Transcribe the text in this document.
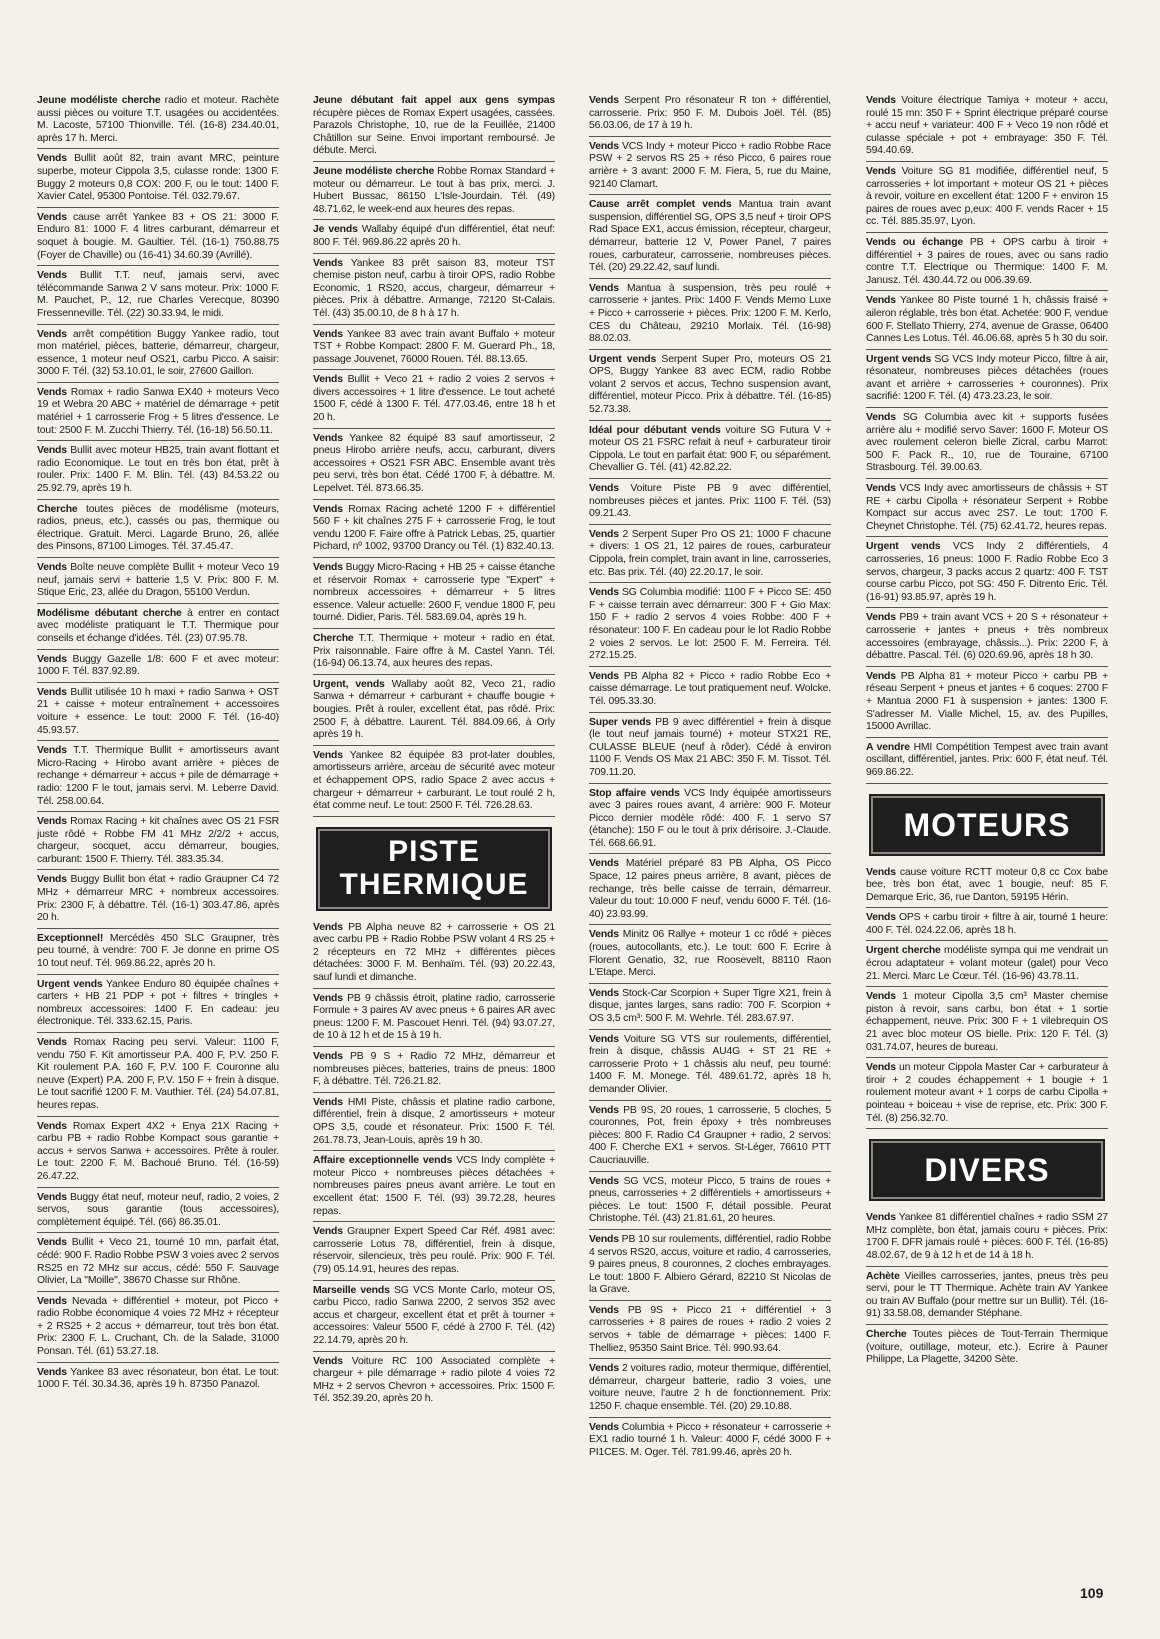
Jeune modéliste cherche radio et moteur. Rachète aussi pièces ou voiture T.T. usagées ou accidentées. M. Lacoste, 57100 Thionville. Tél. (16-8) 234.40.01, après 17 h. Merci.
Vends Bullit août 82, train avant MRC, peinture superbe, moteur Cippola 3,5, culasse ronde: 1300 F. Buggy 2 moteurs 0,8 COX: 200 F, ou le tout: 1400 F. Xavier Catel, 95300 Pontoise. Tél. 032.79.67.
Vends cause arrêt Yankee 83 + OS 21: 3000 F. Enduro 81: 1000 F. 4 litres carburant, démarreur et soquet à bougie. M. Gaultier. Tél. (16-1) 750.88.75 (Foyer de Chaville) ou (16-41) 34.60.39 (Avrillé).
Vends Bullit T.T. neuf, jamais servi, avec télécommande Sanwa 2 V sans moteur. Prix: 1000 F. M. Pauchet, P., 12, rue Charles Verecque, 80390 Fressenneville. Tél. (22) 30.33.94, le midi.
Vends arrêt compétition Buggy Yankee radio, tout mon matériel, pièces, batterie, démarreur, chargeur, essence, 1 moteur neuf OS21, carbu Picco. A saisir: 3000 F. Tél. (32) 53.10.01, le soir, 27600 Gaillon.
Vends Romax + radio Sanwa EX40 + moteurs Veco 19 et Webra 20 ABC + matériel de démarrage + petit matériel + 1 carrosserie Frog + 5 litres d'essence. Le tout: 2500 F. M. Zucchi Thierry. Tél. (16-18) 56.50.11.
Vends Bullit avec moteur HB25, train avant flottant et radio Economique. Le tout en très bon état, prêt à rouler. Prix: 1400 F. M. Blin. Tél. (43) 84.53.22 ou 25.92.79, après 19 h.
Cherche toutes pièces de modélisme (moteurs, radios, pneus, etc.), cassés ou pas, thermique ou électrique. Gratuit. Merci. Lagarde Bruno, 26, allée des Pinsons, 87100 Limoges. Tél. 37.45.47.
Vends Boîte neuve complète Bullit + moteur Veco 19 neuf, jamais servi + batterie 1,5 V. Prix: 800 F. M. Stique Eric, 23, allée du Dragon, 55100 Verdun.
Modélisme débutant cherche à entrer en contact avec modéliste pratiquant le T.T. Thermique pour conseils et échange d'idées. Tél. (23) 07.95.78.
Vends Buggy Gazelle 1/8: 600 F et avec moteur: 1000 F. Tél. 837.92.89.
Vends Bullit utilisée 10 h maxi + radio Sanwa + OST 21 + caisse + moteur entraînement + accessoires voiture + essence. Le tout: 2000 F. Tél. (16-40) 45.93.57.
Vends T.T. Thermique Bullit + amortisseurs avant Micro-Racing + Hirobo avant arrière + pièces de rechange + démarreur + accus + pile de démarrage + radio: 1200 F le tout, jamais servi. M. Leberre David. Tél. 258.00.64.
Vends Romax Racing + kit chaînes avec OS 21 FSR juste rôdé + Robbe FM 41 MHz 2/2/2 + accus, chargeur, socquet, accu démarreur, bougies, carburant: 1500 F. Thierry. Tél. 383.35.34.
Vends Buggy Bullit bon état + radio Graupner C4 72 MHz + démarreur MRC + nombreux accessoires. Prix: 2300 F, à débattre. Tél. (16-1) 303.47.86, après 20 h.
Exceptionnel! Mercédès 450 SLC Graupner, très peu tourné, à vendre: 700 F. Je donne en prime OS 10 tout neuf. Tél. 969.86.22, après 20 h.
Urgent vends Yankee Enduro 80 équipée chaînes + carters + HB 21 PDP + pot + filtres + tringles + nombreux accessoires: 1400 F. En cadeau: jeu électronique. Tél. 333.62.15, Paris.
Vends Romax Racing peu servi. Valeur: 1100 F, vendu 750 F. Kit amortisseur P.A. 400 F, P.V. 250 F. Kit roulement P.A. 160 F, P.V. 100 F. Couronne alu neuve (Expert) P.A. 200 F, P.V. 150 F + frein à disque. Le tout sacrifié 1200 F. M. Vauthier. Tél. (24) 54.07.81, heures repas.
Vends Romax Expert 4X2 + Enya 21X Racing + carbu PB + radio Robbe Kompact sous garantie + accus + servos Sanwa + accessoires. Prête à rouler. Le tout: 2200 F. M. Bachoué Bruno. Tél. (16-59) 26.47.22.
Vends Buggy état neuf, moteur neuf, radio, 2 voies, 2 servos, sous garantie (tous accessoires), complètement équipé. Tél. (66) 86.35.01.
Vends Bullit + Veco 21, tourné 10 mn, parfait état, cédé: 900 F. Radio Robbe PSW 3 voies avec 2 servos RS25 en 72 MHz sur accus, cédé: 550 F. Sauvage Olivier, La "Moille", 38670 Chasse sur Rhône.
Vends Nevada + différentiel + moteur, pot Picco + radio Robbe économique 4 voies 72 MHz + récepteur + 2 RS25 + 2 accus + démarreur, tout très bon état. Prix: 2300 F. L. Cruchant, Ch. de la Salade, 31000 Ponsan. Tél. (61) 53.27.18.
Vends Yankee 83 avec résonateur, bon état. Le tout: 1000 F. Tél. 30.34.36, après 19 h. 87350 Panazol.
Jeune débutant fait appel aux gens sympas récupère pièces de Romax Expert usagées, cassées. Parazols Christophe, 10, rue de la Feuillée, 21400 Châtillon sur Seine. Envoi important remboursé. Je débute. Merci.
Jeune modéliste cherche Robbe Romax Standard + moteur ou démarreur. Le tout à bas prix, merci. J. Hubert Bussac, 86150 L'Isle-Jourdain. Tél. (49) 48.71.62, le week-end aux heures des repas.
Je vends Wallaby équipé d'un différentiel, état neuf: 800 F. Tél. 969.86.22 après 20 h.
Vends Yankee 83 prêt saison 83, moteur TST chemise piston neuf, carbu à tiroir OPS, radio Robbe Economic, 1 RS20, accus, chargeur, démarreur + pièces. Prix à débattre. Armange, 72120 St-Calais. Tél. (43) 35.00.10, de 8 h à 17 h.
Vends Yankee 83 avec train avant Buffalo + moteur TST + Robbe Kompact: 2800 F. M. Guerard Ph., 18, passage Jouvenet, 76000 Rouen. Tél. 88.13.65.
Vends Bullit + Veco 21 + radio 2 voies 2 servos + divers accessoires + 1 litre d'essence. Le tout acheté 1500 F, cédé à 1300 F. Tél. 477.03.46, entre 18 h et 20 h.
Vends Yankee 82 équipé 83 sauf amortisseur, 2 pneus Hirobo arrière neufs, accu, carburant, divers accessoires + OS21 FSR ABC. Ensemble avant très peu servi, très bon état. Cédé 1700 F, à débattre. M. Lepelvet. Tél. 873.66.35.
Vends Romax Racing acheté 1200 F + différentiel 560 F + kit chaînes 275 F + carrosserie Frog, le tout vendu 1200 F. Faire offre à Patrick Lebas, 25, quartier Pichard, nº 1002, 93700 Drancy ou Tél. (1) 832.40.13.
Vends Buggy Micro-Racing + HB 25 + caisse étanche et réservoir Romax + carrosserie type "Expert" + nombreux accessoires + démarreur + 5 litres essence. Valeur actuelle: 2600 F, vendue 1800 F, peu tourné. Didier, Paris. Tél. 583.69.04, après 19 h.
Cherche T.T. Thermique + moteur + radio en état. Prix raisonnable. Faire offre à M. Castel Yann. Tél. (16-94) 06.13.74, aux heures des repas.
Urgent, vends Wallaby août 82, Veco 21, radio Sanwa + démarreur + carburant + chauffe bougie + bougies. Prêt à rouler, excellent état, pas rôdé. Prix: 2500 F, à débattre. Laurent. Tél. 884.09.66, à Orly après 19 h.
Vends Yankee 82 équipée 83 prot-later doubles, amortisseurs arrière, arceau de sécurité avec moteur et échappement OPS, radio Space 2 avec accus + chargeur + démarreur + carburant. Le tout roulé 2 h, état comme neuf. Le tout: 2500 F. Tél. 726.28.63.
PISTE THERMIQUE
Vends PB Alpha neuve 82 + carrosserie + OS 21 avec carbu PB + Radio Robbe PSW volant 4 RS 25 + 2 récepteurs en 72 MHz + différentes pièces détachées: 3000 F. M. Benhaïm. Tél. (93) 20.22.43, sauf lundi et dimanche.
Vends PB 9 châssis étroit, platine radio, carrosserie Formule + 3 paires AV avec pneus + 6 paires AR avec pneus: 1200 F. M. Pascouet Henri. Tél. (94) 93.07.27, de 10 à 12 h et de 15 à 19 h.
Vends PB 9 S + Radio 72 MHz, démarreur et nombreuses pièces, batteries, trains de pneus: 1800 F, à débattre. Tél. 726.21.82.
Vends HMI Piste, châssis et platine radio carbone, différentiel, frein à disque, 2 amortisseurs + moteur OPS 3,5, coude et résonateur. Prix: 1500 F. Tél. 261.78.73, Jean-Louis, après 19 h 30.
Affaire exceptionnelle vends VCS Indy complète + moteur Picco + nombreuses pièces détachées + nombreuses paires pneus avant arrière. Le tout en excellent état: 1500 F. Tél. (93) 39.72.28, heures repas.
Vends Graupner Expert Speed Car Réf. 4981 avec: carrosserie Lotus 78, différentiel, frein à disque, réservoir, silencieux, très peu roulé. Prix: 900 F. Tél. (79) 05.14.91, heures des repas.
Marseille vends SG VCS Monte Carlo, moteur OS, carbu Picco, radio Sanwa 2200, 2 servos 352 avec accus et chargeur, excellent état et prêt à tourner + accessoires: Valeur 5500 F, cédé à 2700 F. Tél. (42) 22.14.79, après 20 h.
Vends Voiture RC 100 Associated complète + chargeur + pile démarrage + radio pilote 4 voies 72 MHz + 2 servos Chevron + accessoires. Prix: 1500 F. Tél. 352.39.20, après 20 h.
Vends Serpent Pro résonateur R ton + différentiel, carrosserie. Prix: 950 F. M. Dubois Joël. Tél. (85) 56.03.06, de 17 à 19 h.
Vends VCS Indy + moteur Picco + radio Robbe Race PSW + 2 servos RS 25 + réso Picco, 6 paires roue arrière + 3 avant: 2000 F. M. Fiera, 5, rue du Maine, 92140 Clamart.
Cause arrêt complet vends Mantua train avant suspension, différentiel SG, OPS 3,5 neuf + tiroir OPS Rad Space EX1, accus émission, récepteur, chargeur, démarreur, batterie 12 V, Power Panel, 7 paires roues, carburateur, carrosserie, nombreuses pièces. Tél. (20) 29.22.42, sauf lundi.
Vends Mantua à suspension, très peu roulé + carrosserie + jantes. Prix: 1400 F. Vends Memo Luxe + Picco + carrosserie + pièces. Prix: 1200 F. M. Kerlo, CES du Château, 29210 Morlaix. Tél. (16-98) 88.02.03.
Urgent vends Serpent Super Pro, moteurs OS 21 OPS, Buggy Yankee 83 avec ECM, radio Robbe volant 2 servos et accus, Techno suspension avant, différentiel, moteur Picco. Prix à débattre. Tél. (16-85) 52.73.38.
Idéal pour débutant vends voiture SG Futura V + moteur OS 21 FSRC refait à neuf + carburateur tiroir Cippola. Le tout en parfait état: 900 F, ou séparément. Chevallier G. Tél. (41) 42.82.22.
Vends Voiture Piste PB 9 avec différentiel, nombreuses pièces et jantes. Prix: 1100 F. Tél. (53) 09.21.43.
Vends 2 Serpent Super Pro OS 21: 1000 F chacune + divers: 1 OS 21, 12 paires de roues, carburateur Cippola, frein complet, train avant in line, carrosseries, etc. Bas prix. Tél. (40) 22.20.17, le soir.
Vends SG Columbia modifié: 1100 F + Picco SE: 450 F + caisse terrain avec démarreur: 300 F + Gio Max: 150 F + radio 2 servos 4 voies Robbe: 400 F + résonateur: 100 F. En cadeau pour le lot Radio Robbe 2 voies 2 servos. Le lot: 2500 F. M. Ferreira. Tél. 272.15.25.
Vends PB Alpha 82 + Picco + radio Robbe Eco + caisse démarrage. Le tout pratiquement neuf. Wolcke. Tél. 095.33.30.
Super vends PB 9 avec différentiel + frein à disque (le tout neuf jamais tourné) + moteur STX21 RE, CULASSE BLEUE (neuf à rôder). Cédé à environ 1100 F. Vends OS Max 21 ABC: 350 F. M. Tissot. Tél. 709.11.20.
Stop affaire vends VCS Indy équipée amortisseurs avec 3 paires roues avant, 4 arrière: 900 F. Moteur Picco dernier modèle rôdé: 400 F. 1 servo S7 (étanche): 150 F ou le tout à prix dérisoire. J.-Claude. Tél. 668.66.91.
Vends Matériel préparé 83 PB Alpha, OS Picco Space, 12 paires pneus arrière, 8 avant, pièces de rechange, très belle caisse de terrain, démarreur. Valeur du tout: 10.000 F neuf, vendu 6000 F. Tél. (16-40) 23.93.99.
Vends Minitz 06 Rallye + moteur 1 cc rôdé + pièces (roues, autocollants, etc.). Le tout: 600 F. Ecrire à Florent Genatio, 32, rue Roosevelt, 88110 Raon L'Etape. Merci.
Vends Stock-Car Scorpion + Super Tigre X21, frein à disque, jantes larges, sans radio: 700 F. Scorpion + OS 3,5 cm³: 500 F. M. Wehrle. Tél. 283.67.97.
Vends Voiture SG VTS sur roulements, différentiel, frein à disque, châssis AU4G + ST 21 RE + carrosserie Proto + 1 châssis alu neuf, peu tourné: 1400 F. M. Monege. Tél. 489.61.72, après 18 h, demander Olivier.
Vends PB 9S, 20 roues, 1 carrosserie, 5 cloches, 5 couronnes, Pot, frein époxy + très nombreuses pièces: 800 F. Radio C4 Graupner + radio, 2 servos: 400 F. Cherche EX1 + servos. St-Léger, 76610 PTT Caucriauville.
Vends SG VCS, moteur Picco, 5 trains de roues + pneus, carrosseries + 2 différentiels + amortisseurs + pièces. Le tout: 1500 F, détail possible. Peurat Christophe. Tél. (43) 21.81.61, 20 heures.
Vends PB 10 sur roulements, différentiel, radio Robbe 4 servos RS20, accus, voiture et radio, 4 carrosseries, 9 paires pneus, 8 couronnes, 2 cloches embrayages. Le tout: 1800 F. Albiero Gérard, 82210 St Nicolas de la Grave.
Vends PB 9S + Picco 21 + différentiel + 3 carrosseries + 8 paires de roues + radio 2 voies 2 servos + table de démarrage + pièces: 1400 F. Thelliez, 95350 Saint Brice. Tél. 990.93.64.
Vends 2 voitures radio, moteur thermique, différentiel, démarreur, chargeur batterie, radio 3 voies, une voiture neuve, l'autre 2 h de fonctionnement. Prix: 1250 F. chaque ensemble. Tél. (20) 29.10.88.
Vends Columbia + Picco + résonateur + carrosserie + EX1 radio tourné 1 h. Valeur: 4000 F, cédé 3000 F + PI1CES. M. Oger. Tél. 781.99.46, après 20 h.
Vends Voiture électrique Tamiya + moteur + accu, roulé 15 mn: 350 F + Sprint électrique préparé course + accu neuf + variateur: 400 F + Veco 19 non rôdé et culasse spéciale + pot + embrayage: 350 F. Tél. 594.40.69.
Vends Voiture SG 81 modifiée, différentiel neuf, 5 carrosseries + lot important + moteur OS 21 + pièces à revoir, voiture en excellent état: 1200 F + environ 15 paires de roues avec p,eux: 400 F. vends Racer + 15 cc. Tél. 885.35.97, Lyon.
Vends ou échange PB + OPS carbu à tiroir + différentiel + 3 paires de roues, avec ou sans radio contre T.T. Electrique ou Thermique: 1400 F. M. Janusz. Tél. 430.44.72 ou 006.39.69.
Vends Yankee 80 Piste tourné 1 h, châssis fraisé + aileron réglable, très bon état. Achetée: 900 F, vendue 600 F. Stellato Thierry, 274, avenue de Grasse, 06400 Cannes Les Lotus. Tél. 46.06.68, après 5 h 30 du soir.
Urgent vends SG VCS Indy moteur Picco, filtre à air, résonateur, nombreuses pièces détachées (roues avant et arrière + carrosseries + couronnes). Prix sacrifié: 1200 F. Tél. (4) 473.23.23, le soir.
Vends SG Columbia avec kit + supports fusées arrière alu + modifié servo Saver: 1600 F. Moteur OS avec roulement celeron bielle Zicral, carbu Marrot: 500 F. Pack R., 10, rue de Touraine, 67100 Strasbourg. Tél. 39.00.63.
Vends VCS Indy avec amortisseurs de châssis + ST RE + carbu Cipolla + résonateur Serpent + Robbe Kompact sur accus avec 2S7. Le tout: 1700 F. Cheynet Christophe. Tél. (75) 62.41.72, heures repas.
Urgent vends VCS Indy 2 différentiels, 4 carrosseries, 16 pneus: 1000 F. Radio Robbe Eco 3 servos, chargeur, 3 packs accus 2 quartz: 400 F. TST course carbu Picco, pot SG: 450 F. Ditrento Eric. Tél. (16-91) 93.85.97, après 19 h.
Vends PB9 + train avant VCS + 20 S + résonateur + carrosserie + jantes + pneus + très nombreux accessoires (embrayage, châssis...). Prix: 2200 F, à débattre. Pascal. Tél. (6) 020.69.96, après 18 h 30.
Vends PB Alpha 81 + moteur Picco + carbu PB + réseau Serpent + pneus et jantes + 6 coques: 2700 F + Mantua 2000 F1 à suspension + jantes: 1300 F. S'adresser M. Vialle Michel, 15, av. des Pupilles, 15000 Avrillac.
A vendre HMI Compétition Tempest avec train avant oscillant, différentiel, jantes. Prix: 600 F, état neuf. Tél. 969.86.22.
MOTEURS
Vends cause voiture RCTT moteur 0,8 cc Cox babe bee, très bon état, avec 1 bougie, neuf: 85 F. Demarque Eric, 36, rue Danton, 59195 Hérin.
Vends OPS + carbu tiroir + filtre à air, tourné 1 heure: 400 F. Tél. 024.22.06, après 18 h.
Urgent cherche modéliste sympa qui me vendrait un écrou adaptateur + volant moteur (galet) pour Veco 21. Merci. Marc Le Cœur. Tél. (16-96) 43.78.11.
Vends 1 moteur Cipolla 3,5 cm³ Master chemise piston à revoir, sans carbu, bon état + 1 sortie échappement, neuve. Prix: 300 F + 1 vilebrequin OS 21 avec bloc moteur OS bielle. Prix: 120 F. Tél. (3) 031.74.07, heures de bureau.
Vends un moteur Cippola Master Car + carburateur à tiroir + 2 coudes échappement + 1 bougie + 1 roulement moteur avant + 1 corps de carbu Cipolla + pointeau + boiceau + vise de reprise, etc. Prix: 300 F. Tél. (8) 256.32.70.
DIVERS
Vends Yankee 81 différentiel chaînes + radio SSM 27 MHz complète, bon état, jamais couru + pièces. Prix: 1700 F. DFR jamais roulé + pièces: 600 F. Tél. (16-85) 48.02.67, de 9 à 12 h et de 14 à 18 h.
Achète Vieilles carrosseries, jantes, pneus très peu servi, pour le TT Thermique. Achète train AV Yankee ou train AV Buffalo (pour mettre sur un Bullit). Tél. (16-91) 33.58.08, demander Stéphane.
Cherche Toutes pièces de Tout-Terrain Thermique (voiture, outillage, moteur, etc.). Ecrire à Pauner Philippe, La Plagette, 34200 Sète.
109
